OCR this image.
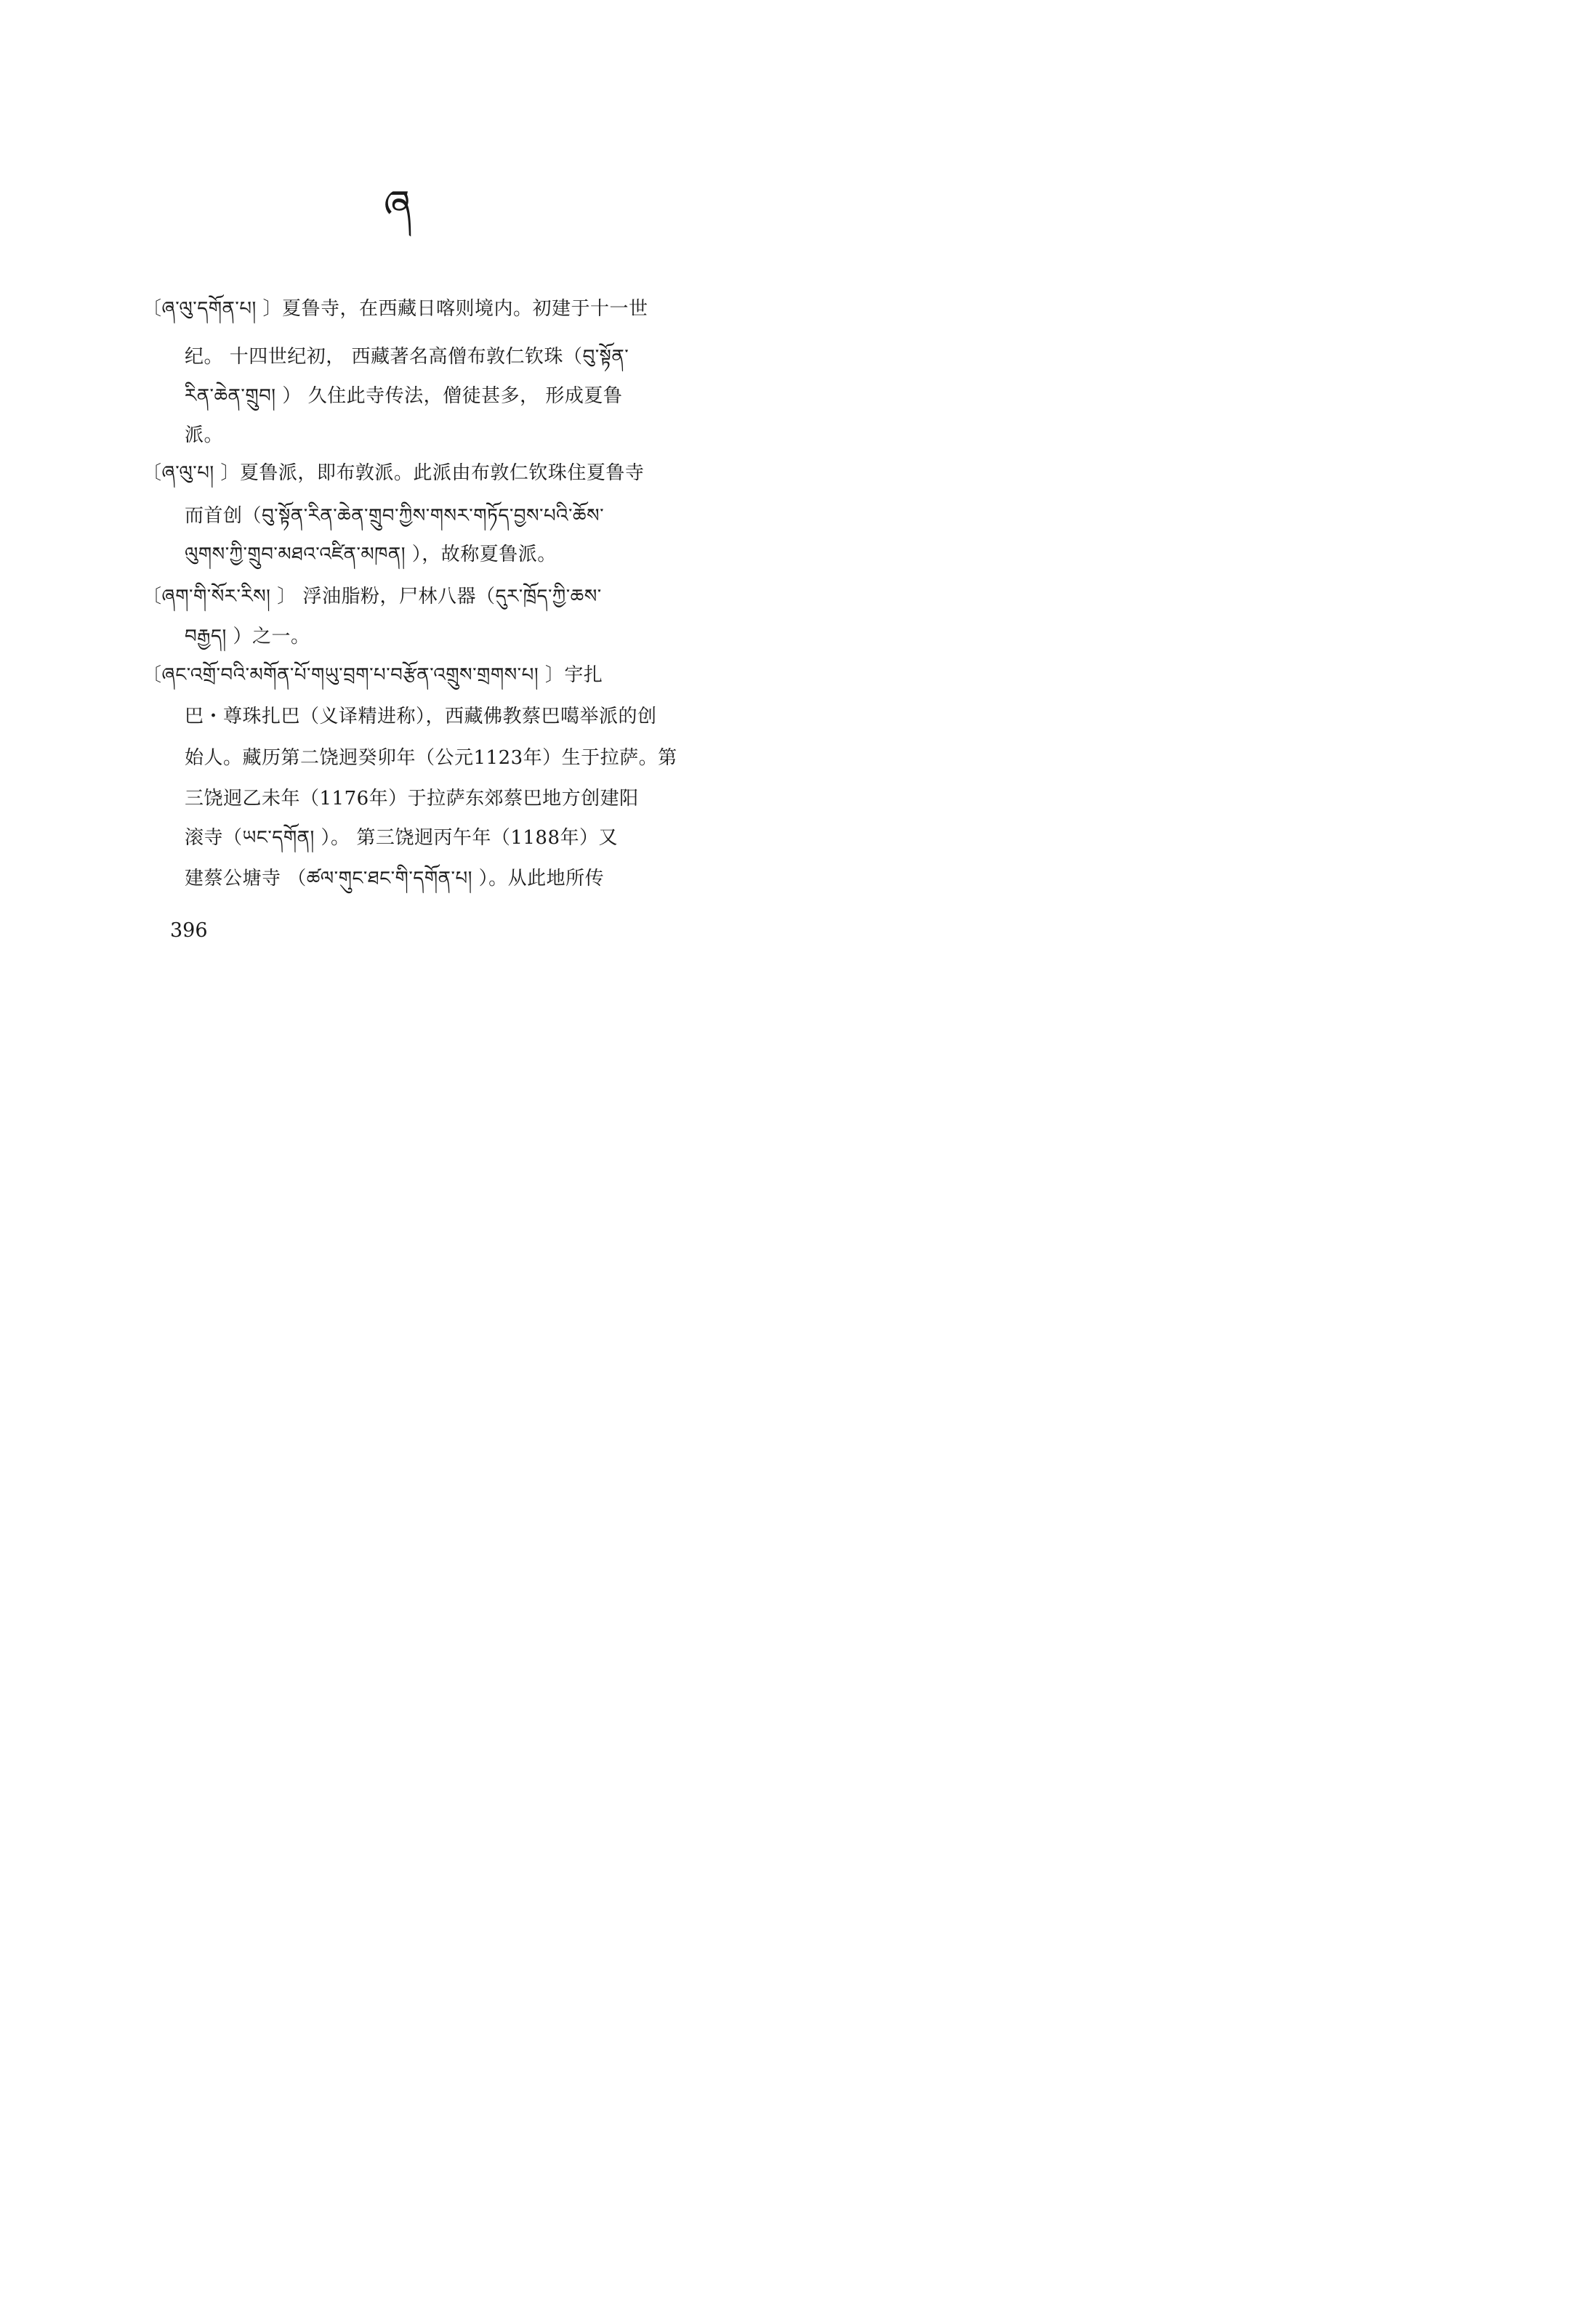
ཞ
〔ཞ་ལུ་དགོན་པ། 〕夏鲁寺，在西藏日喀则境内。初建于十一世
纪。 十四世纪初， 西藏著名高僧布敦仁钦珠（བུ་སྟོན་
རིན་ཆེན་གྲུབ། ） 久住此寺传法，僧徒甚多， 形成夏鲁
派。
〔ཞ་ལུ་པ། 〕夏鲁派，即布敦派。此派由布敦仁钦珠住夏鲁寺
而首创（བུ་སྟོན་རིན་ཆེན་གྲུབ་ཀྱིས་གསར་གཏོད་བྱས་པའི་ཆོས་
ལུགས་ཀྱི་གྲུབ་མཐའ་འཛིན་མཁན། ），故称夏鲁派。
〔ཞག་གི་སོར་རིས། 〕 浮油脂粉，尸林八器（དུར་ཁྲོད་ཀྱི་ཆས་
བརྒྱད། ）之一。
〔ཞང་འགྲོ་བའི་མགོན་པོ་གཡུ་བྲག་པ་བརྩོན་འགྲུས་གྲགས་པ། 〕宇扎
巴・尊珠扎巴（义译精进称），西藏佛教蔡巴噶举派的创
始人。藏历第二饶迥癸卯年（公元1123年）生于拉萨。第
三饶迥乙未年（1176年）于拉萨东郊蔡巴地方创建阳
滚寺（ཡང་དགོན། ）。 第三饶迥丙午年（1188年）又
建蔡公塘寺 （ཚལ་གུང་ཐང་གི་དགོན་པ། ）。从此地所传
396
